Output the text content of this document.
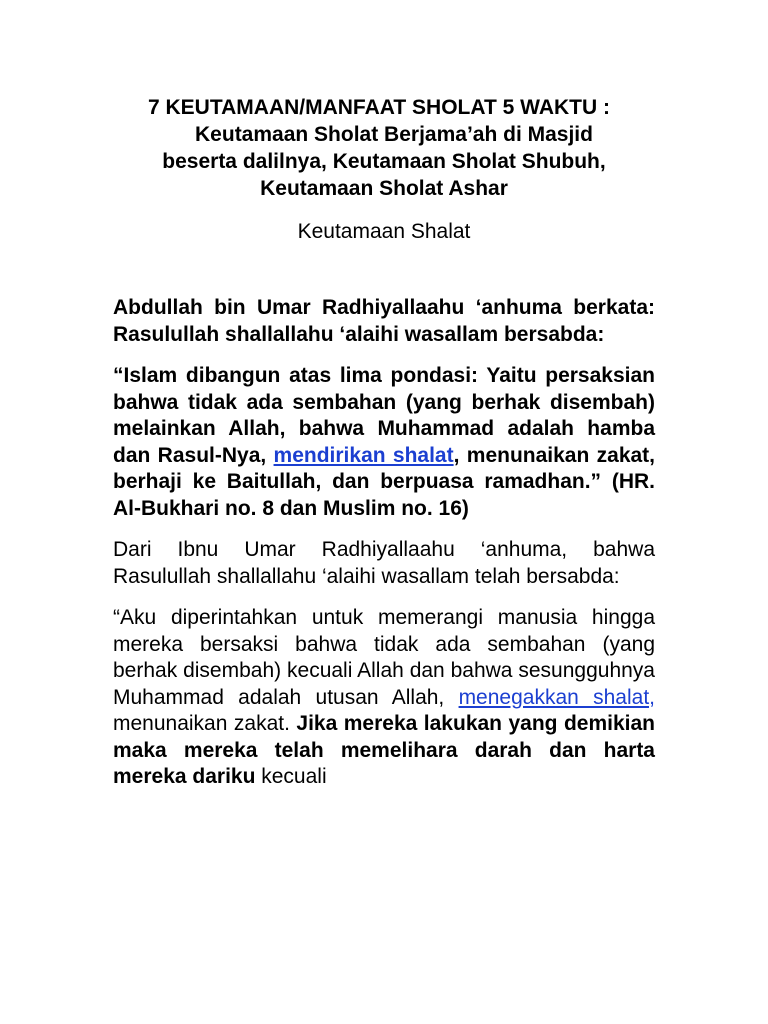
7 KEUTAMAAN/MANFAAT SHOLAT 5 WAKTU :
Keutamaan Sholat Berjama’ah di Masjid
beserta dalilnya, Keutamaan Sholat Shubuh,
Keutamaan Sholat Ashar
Keutamaan Shalat

Abdullah bin Umar Radhiyallaahu ‘anhuma berkata: Rasulullah shallallahu ‘alaihi wasallam bersabda:

“Islam dibangun atas lima pondasi: Yaitu persaksian bahwa tidak ada sembahan (yang berhak disembah) melainkan Allah, bahwa Muhammad adalah hamba dan Rasul-Nya, mendirikan shalat, menunaikan zakat, berhaji ke Baitullah, dan berpuasa ramadhan.” (HR. Al-Bukhari no. 8 dan Muslim no. 16)

Dari Ibnu Umar Radhiyallaahu ‘anhuma, bahwa Rasulullah shallallahu ‘alaihi wasallam telah bersabda:

“Aku diperintahkan untuk memerangi manusia hingga mereka bersaksi bahwa tidak ada sembahan (yang berhak disembah) kecuali Allah dan bahwa sesungguhnya Muhammad adalah utusan Allah, menegakkan shalat, menunaikan zakat. Jika mereka lakukan yang demikian maka mereka telah memelihara darah dan harta mereka dariku kecuali
